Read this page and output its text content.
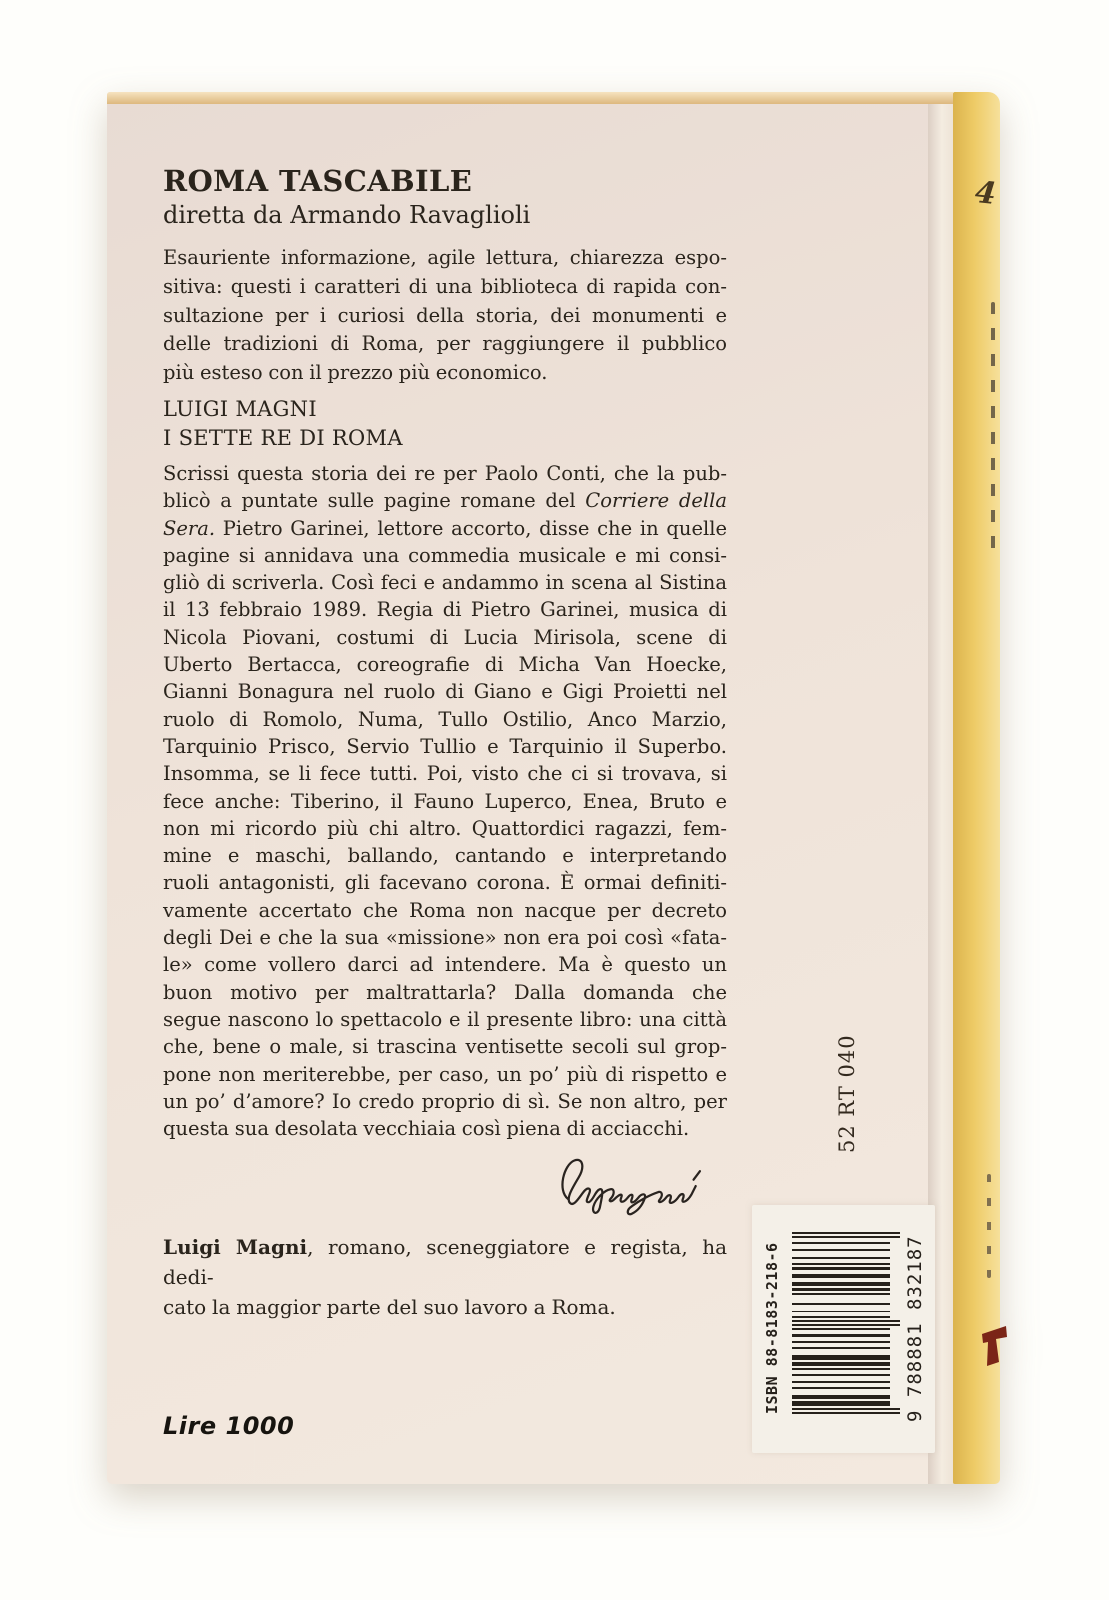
ROMA TASCABILE
diretta da Armando Ravaglioli
Esauriente informazione, agile lettura, chiarezza espo-
sitiva: questi i caratteri di una biblioteca di rapida con-
sultazione per i curiosi della storia, dei monumenti e
delle tradizioni di Roma, per raggiungere il pubblico
più esteso con il prezzo più economico.
LUIGI MAGNI
I SETTE RE DI ROMA
Scrissi questa storia dei re per Paolo Conti, che la pub-
blicò a puntate sulle pagine romane del Corriere della
Sera. Pietro Garinei, lettore accorto, disse che in quelle
pagine si annidava una commedia musicale e mi consi-
gliò di scriverla. Così feci e andammo in scena al Sistina
il 13 febbraio 1989. Regia di Pietro Garinei, musica di
Nicola Piovani, costumi di Lucia Mirisola, scene di
Uberto Bertacca, coreografie di Micha Van Hoecke,
Gianni Bonagura nel ruolo di Giano e Gigi Proietti nel
ruolo di Romolo, Numa, Tullo Ostilio, Anco Marzio,
Tarquinio Prisco, Servio Tullio e Tarquinio il Superbo.
Insomma, se li fece tutti. Poi, visto che ci si trovava, si
fece anche: Tiberino, il Fauno Luperco, Enea, Bruto e
non mi ricordo più chi altro. Quattordici ragazzi, fem-
mine e maschi, ballando, cantando e interpretando
ruoli antagonisti, gli facevano corona. È ormai definiti-
vamente accertato che Roma non nacque per decreto
degli Dei e che la sua «missione» non era poi così «fata-
le» come vollero darci ad intendere. Ma è questo un
buon motivo per maltrattarla? Dalla domanda che
segue nascono lo spettacolo e il presente libro: una città
che, bene o male, si trascina ventisette secoli sul grop-
pone non meriterebbe, per caso, un po’ più di rispetto e
un po’ d’amore? Io credo proprio di sì. Se non altro, per
questa sua desolata vecchiaia così piena di acciacchi.
Luigi Magni, romano, sceneggiatore e regista, ha dedi-
cato la maggior parte del suo lavoro a Roma.
Lire 1000
52 RT 040
ISBN 88-8183-218-6	9 788881 832187
4
